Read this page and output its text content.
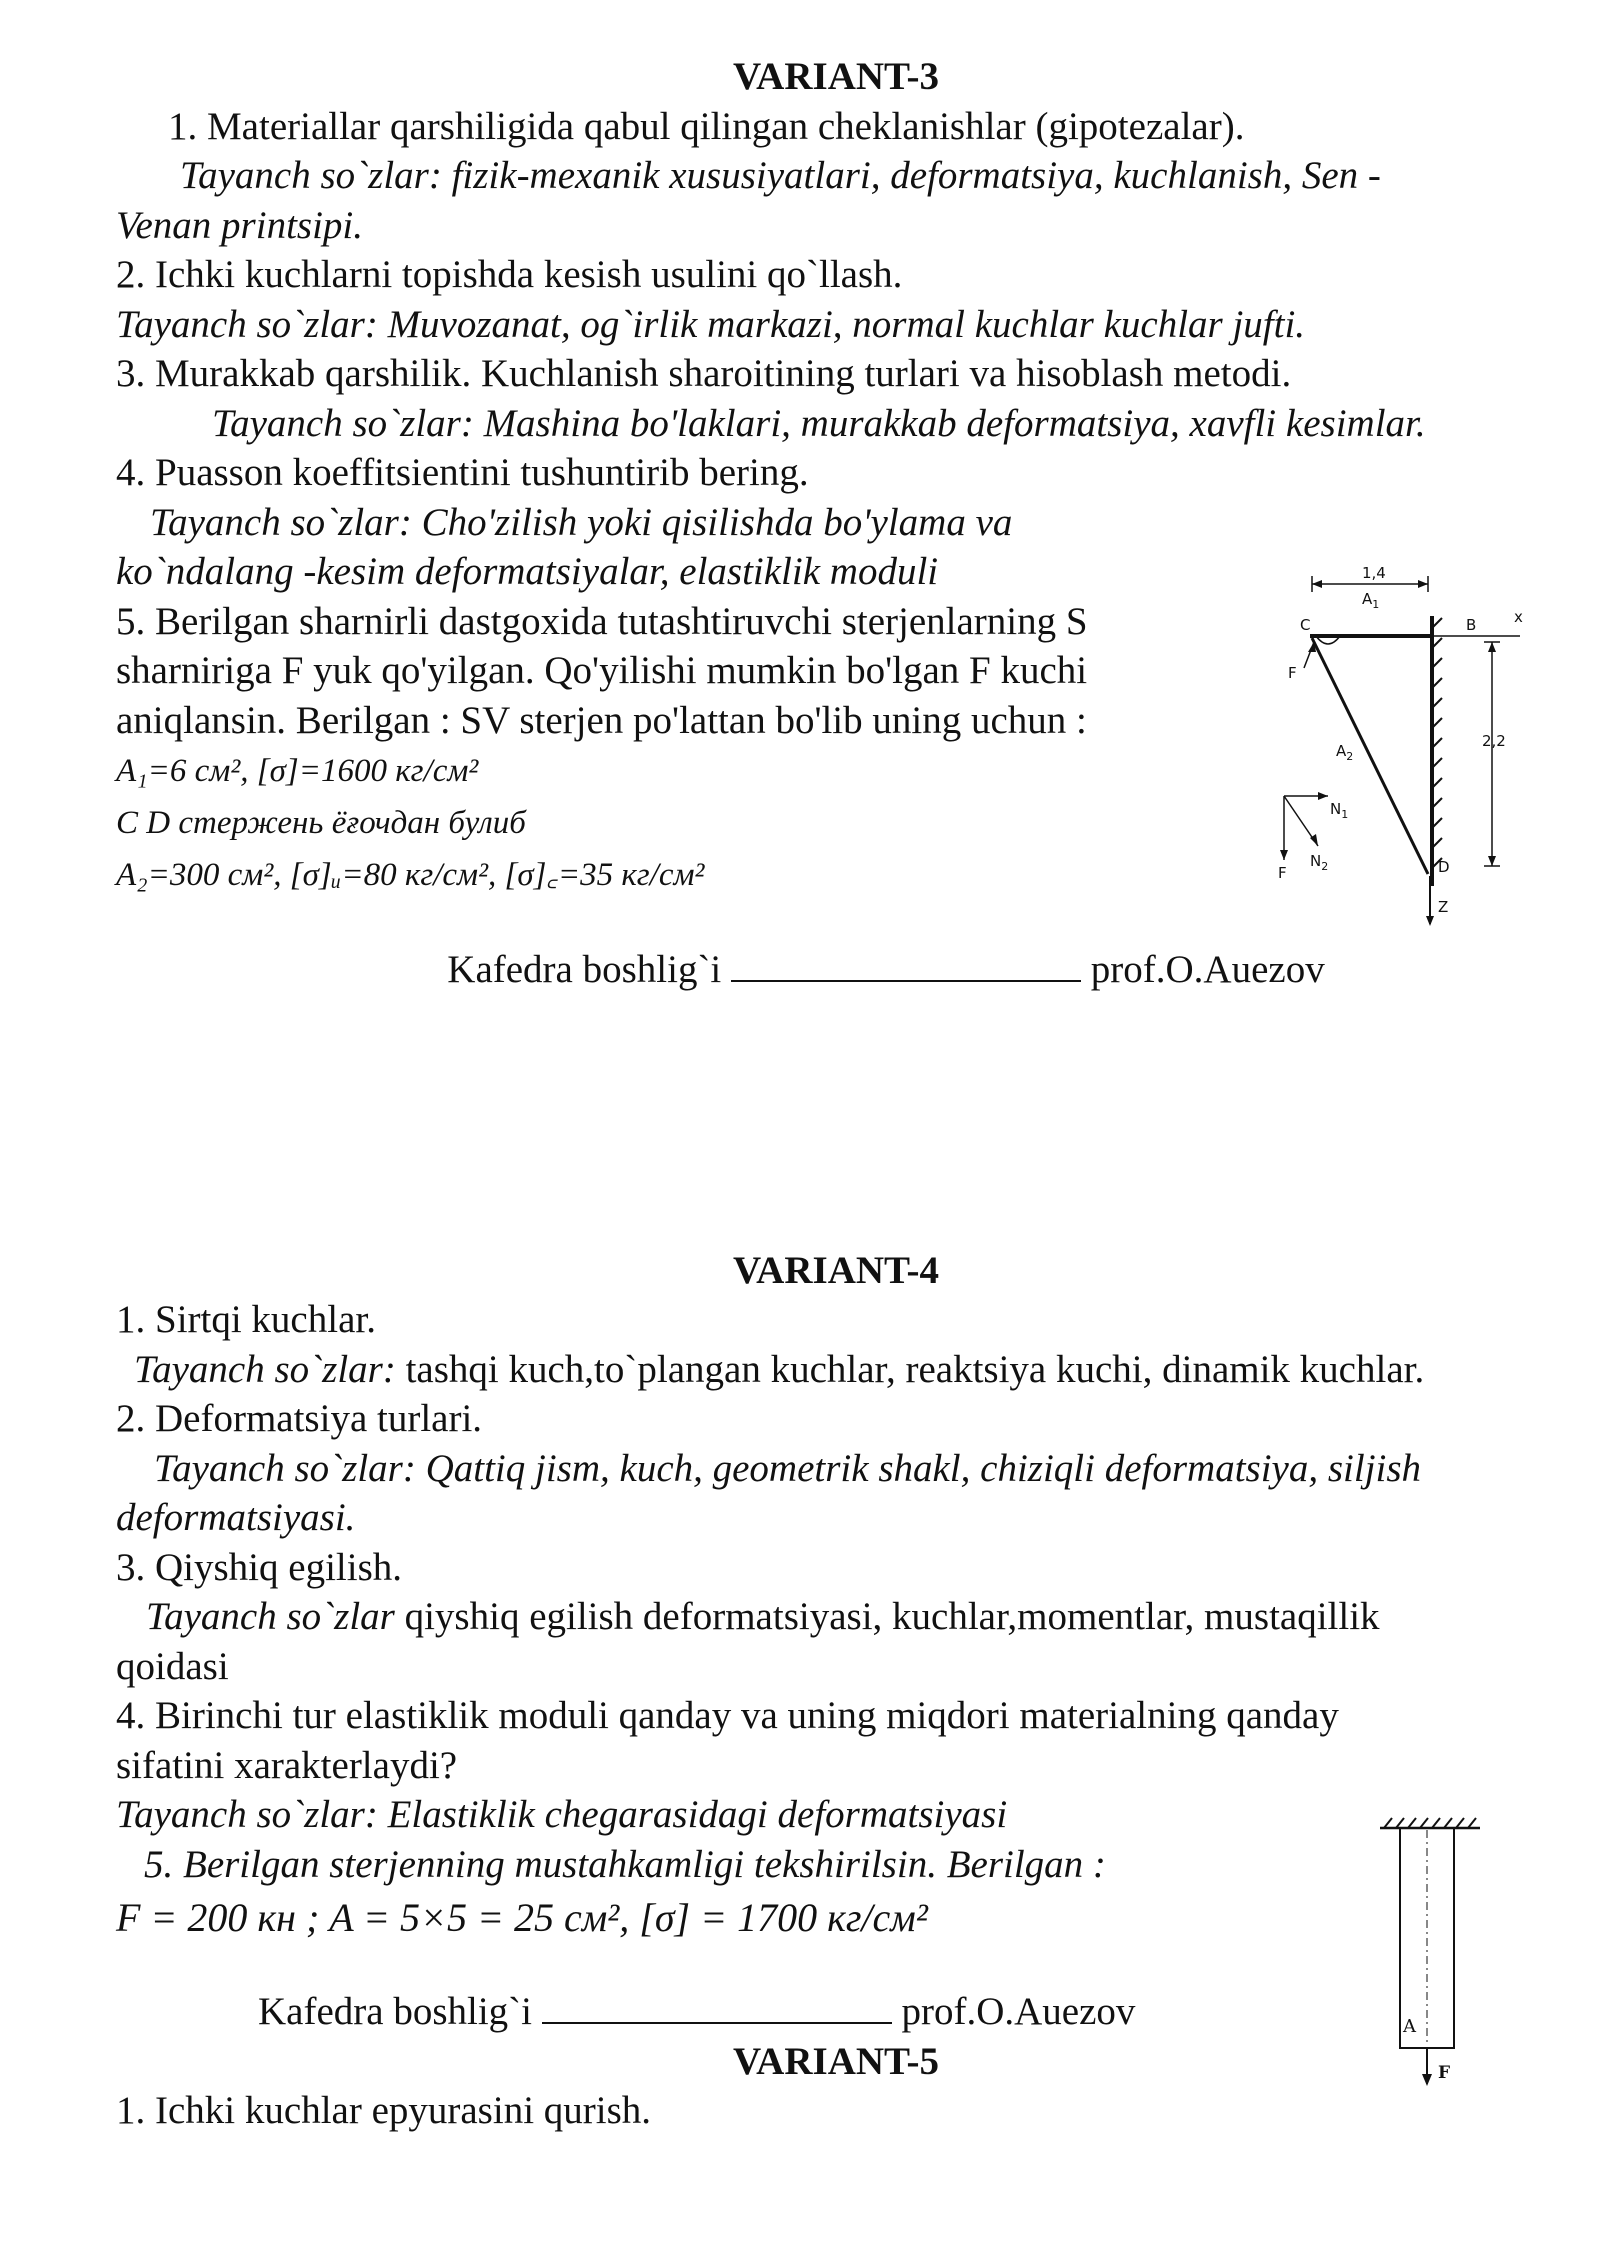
VARIANT-3
1. Materiallar qarshiligida qabul qilingan cheklanishlar (gipotezalar).
Tayanch so`zlar: fizik-mexanik xususiyatlari, deformatsiya, kuchlanish, Sen -
Venan printsipi.
2. Ichki kuchlarni topishda kesish usulini qo`llash.
Tayanch so`zlar: Muvozanat, og`irlik markazi, normal kuchlar kuchlar jufti.
3. Murakkab qarshilik. Kuchlanish sharoitining turlari va hisoblash metodi.
Tayanch so`zlar: Mashina bo'laklari, murakkab deformatsiya, xavfli kesimlar.
4. Puasson koeffitsientini tushuntirib bering.
Tayanch so`zlar: Cho'zilish yoki qisilishda bo'ylama va
ko`ndalang -kesim deformatsiyalar, elastiklik moduli
5. Berilgan sharnirli dastgoxida tutashtiruvchi sterjenlarning S
sharniriga F yuk qo'yilgan. Qo'yilishi mumkin bo'lgan F kuchi
aniqlansin. Berilgan : SV sterjen po'lattan bo'lib uning uchun :
A₁=6 см², [σ]=1600 кг/см²
C D стержень ёғочдан булиб
A₂=300 см², [σ]ᵤ=80 кг/см², [σ]꜀=35 кг/см²
Kafedra boshlig`i	prof.O.Auezov
VARIANT-4
1. Sirtqi kuchlar.
Tayanch so`zlar: tashqi kuch,to`plangan kuchlar, reaktsiya kuchi, dinamik kuchlar.
2. Deformatsiya turlari.
Tayanch so`zlar: Qattiq jism, kuch, geometrik shakl, chiziqli deformatsiya, siljish
deformatsiyasi.
3. Qiyshiq egilish.
Tayanch so`zlar qiyshiq egilish deformatsiyasi, kuchlar,momentlar, mustaqillik
qoidasi
4. Birinchi tur elastiklik moduli qanday va uning miqdori materialning qanday
sifatini xarakterlaydi?
Tayanch so`zlar: Elastiklik chegarasidagi deformatsiyasi
5. Berilgan sterjenning mustahkamligi tekshirilsin. Berilgan :
F = 200 кн ; A = 5×5 = 25 см², [σ] = 1700 кг/см²
Kafedra boshlig`i	prof.O.Auezov
VARIANT-5
1. Ichki kuchlar epyurasini qurish.
1,4
$A_1$
x
B
C
F
$A_2$
2,2
F
$N_1$
$N_2$	D
Z
A
F
